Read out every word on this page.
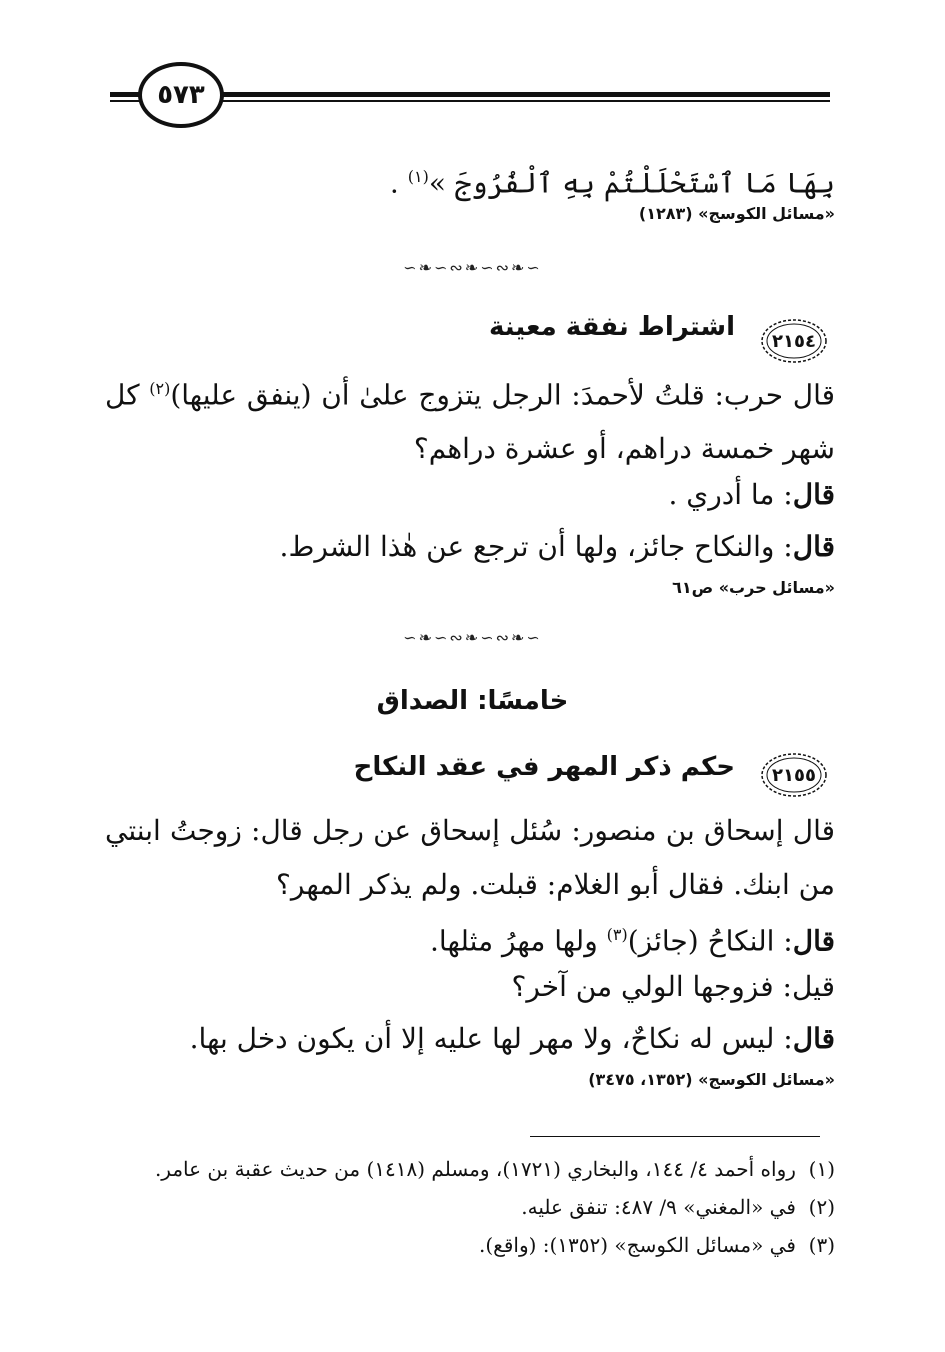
٥٧٣
بِهَا مَا ٱسْتَحْلَلْتُمْ بِهِ ٱلْفُرُوجَ »$^{(١)}$ .
«مسائل الكوسج» (١٢٨٣)
∽❧∽∾❧∽∾❧∽
٢١٥٤
اشتراط نفقة معينة
قال حرب: قلتُ لأحمدَ: الرجل يتزوج علىٰ أن (ينفق عليها)$^{(٢)}$ كل شهر خمسة دراهم، أو عشرة دراهم؟
قال: ما أدري .
قال: والنكاح جائز، ولها أن ترجع عن هٰذا الشرط.
«مسائل حرب» ص٦١
∽❧∽∾❧∽∾❧∽
خامسًا: الصداق
٢١٥٥
حكم ذكر المهر في عقد النكاح
قال إسحاق بن منصور: سُئل إسحاق عن رجل قال: زوجتُ ابنتي من ابنك. فقال أبو الغلام: قبلت. ولم يذكر المهر؟
قال: النكاحُ (جائز)$^{(٣)}$ ولها مهرُ مثلها.
قيل: فزوجها الولي من آخر؟
قال: ليس له نكاحٌ، ولا مهر لها عليه إلا أن يكون دخل بها.
«مسائل الكوسج» (١٣٥٢، ٣٤٧٥)
(١)  رواه أحمد ٤/ ١٤٤، والبخاري (١٧٢١)، ومسلم (١٤١٨) من حديث عقبة بن عامر.
(٢)  في «المغني» ٩/ ٤٨٧: تنفق عليه.
(٣)  في «مسائل الكوسج» (١٣٥٢): (واقع).
